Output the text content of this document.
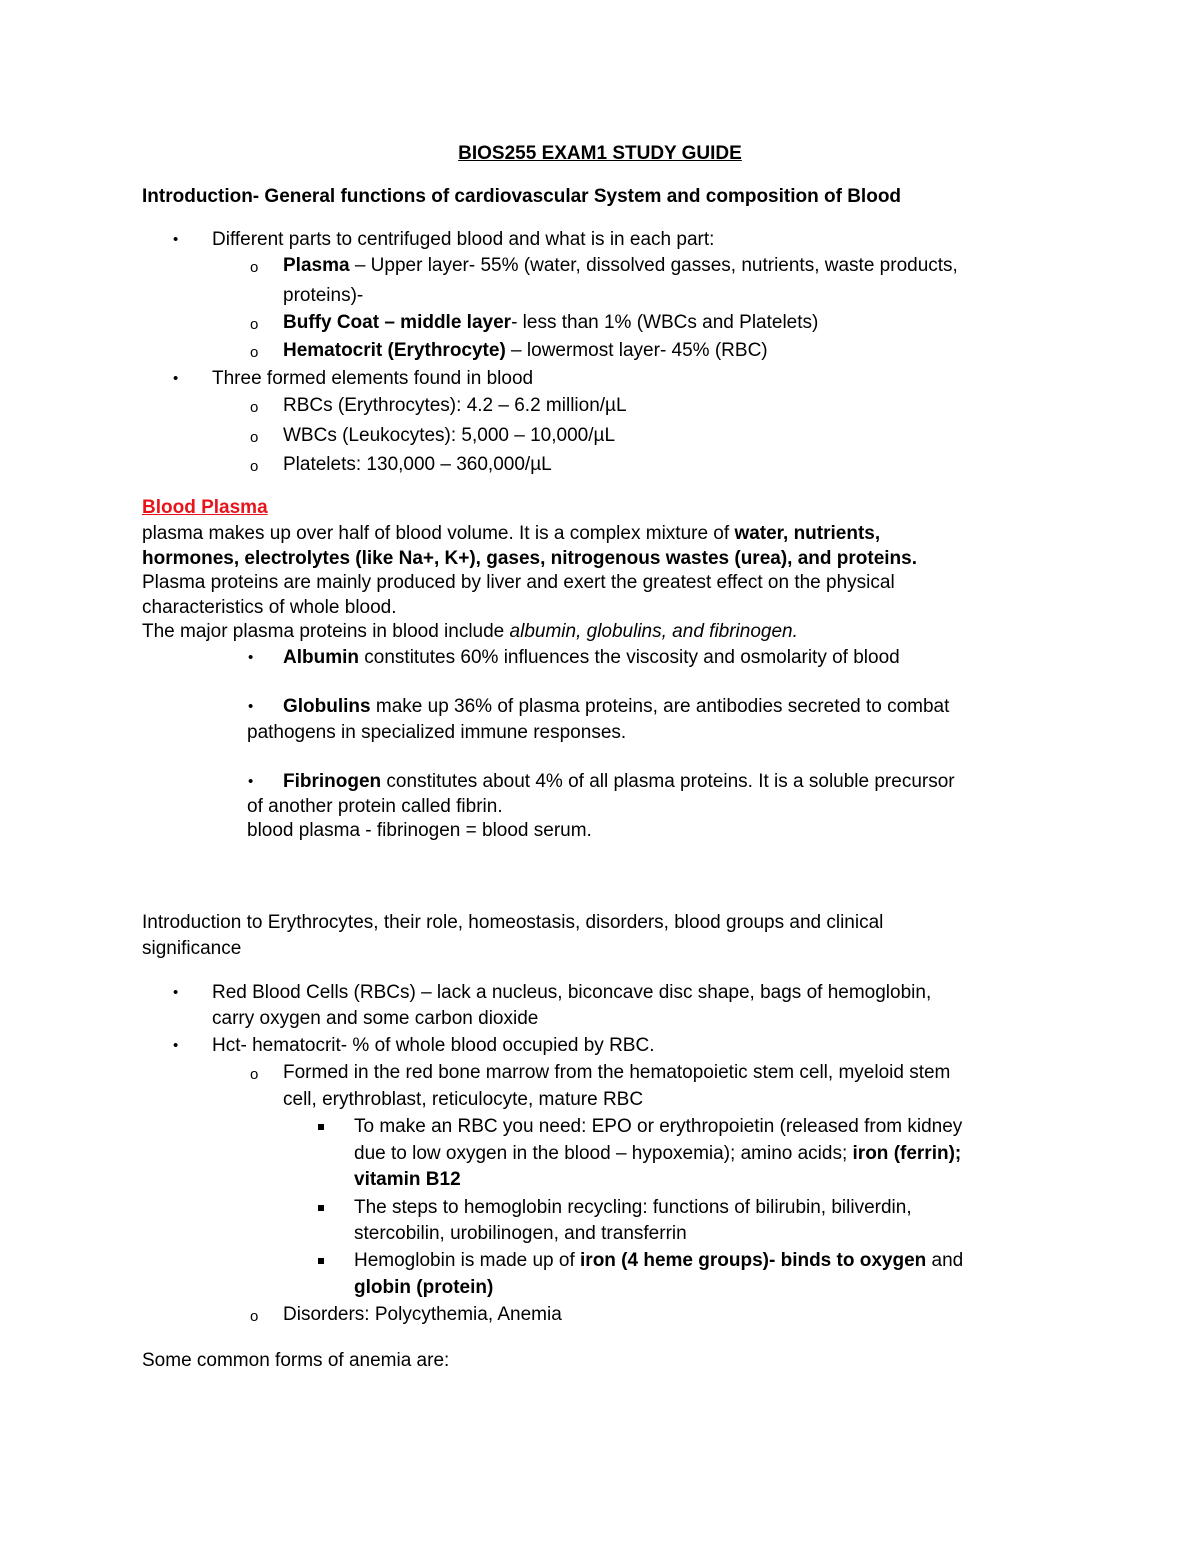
BIOS255 EXAM1 STUDY GUIDE
Introduction- General functions of cardiovascular System and composition of Blood
• Different parts to centrifuged blood and what is in each part:
o Plasma – Upper layer- 55% (water, dissolved gasses, nutrients, waste products,
proteins)-
o Buffy Coat – middle layer- less than 1% (WBCs and Platelets)
o Hematocrit (Erythrocyte) – lowermost layer- 45% (RBC)
• Three formed elements found in blood
o RBCs (Erythrocytes): 4.2 – 6.2 million/µL
o WBCs (Leukocytes): 5,000 – 10,000/µL
o Platelets: 130,000 – 360,000/µL
Blood Plasma
plasma makes up over half of blood volume. It is a complex mixture of water, nutrients,
hormones, electrolytes (like Na+, K+), gases, nitrogenous wastes (urea), and proteins.
Plasma proteins are mainly produced by liver and exert the greatest effect on the physical
characteristics of whole blood.
The major plasma proteins in blood include albumin, globulins, and fibrinogen.
• Albumin constitutes 60% influences the viscosity and osmolarity of blood
• Globulins make up 36% of plasma proteins, are antibodies secreted to combat
pathogens in specialized immune responses.
• Fibrinogen constitutes about 4% of all plasma proteins. It is a soluble precursor
of another protein called fibrin.
blood plasma - fibrinogen = blood serum.
Introduction to Erythrocytes, their role, homeostasis, disorders, blood groups and clinical
significance
• Red Blood Cells (RBCs) – lack a nucleus, biconcave disc shape, bags of hemoglobin,
carry oxygen and some carbon dioxide
• Hct- hematocrit- % of whole blood occupied by RBC.
o Formed in the red bone marrow from the hematopoietic stem cell, myeloid stem
cell, erythroblast, reticulocyte, mature RBC
To make an RBC you need: EPO or erythropoietin (released from kidney
due to low oxygen in the blood – hypoxemia); amino acids; iron (ferrin);
vitamin B12
The steps to hemoglobin recycling: functions of bilirubin, biliverdin,
stercobilin, urobilinogen, and transferrin
Hemoglobin is made up of iron (4 heme groups)- binds to oxygen and
globin (protein)
o Disorders: Polycythemia, Anemia
Some common forms of anemia are:
